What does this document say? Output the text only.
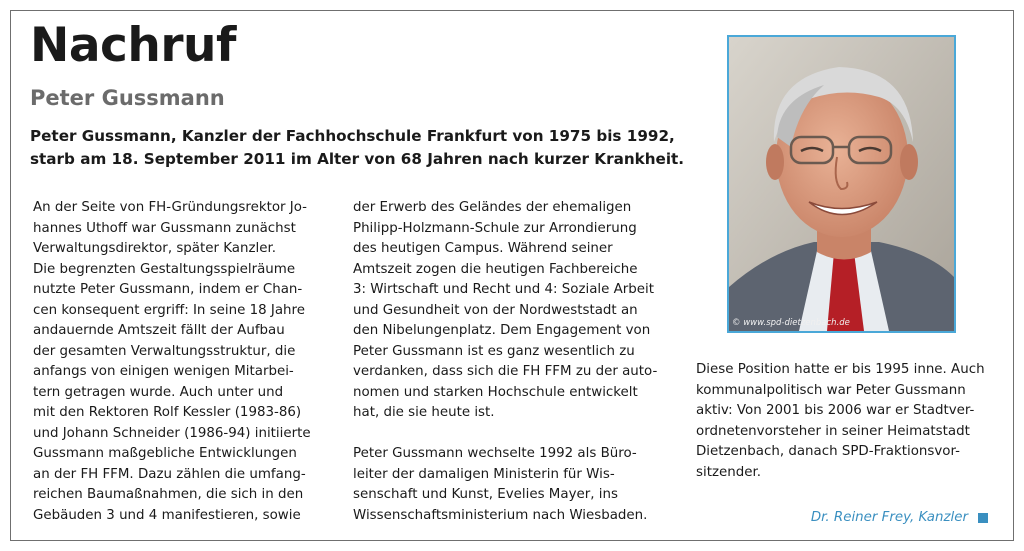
Nachruf
Peter Gussmann
Peter Gussmann, Kanzler der Fachhochschule Frankfurt von 1975 bis 1992,
starb am 18. September 2011 im Alter von 68 Jahren nach kurzer Krankheit.
An der Seite von FH-Gründungsrektor Jo-
hannes Uthoff war Gussmann zunächst
Verwaltungsdirektor, später Kanzler.
Die begrenzten Gestaltungsspielräume
nutzte Peter Gussmann, indem er Chan-
cen konsequent ergriff: In seine 18 Jahre
andauernde Amtszeit fällt der Aufbau
der gesamten Verwaltungsstruktur, die
anfangs von einigen wenigen Mitarbei-
tern getragen wurde. Auch unter und
mit den Rektoren Rolf Kessler (1983-86)
und Johann Schneider (1986-94) initiierte
Gussmann maßgebliche Entwicklungen
an der FH FFM. Dazu zählen die umfang-
reichen Baumaßnahmen, die sich in den
Gebäuden 3 und 4 manifestieren, sowie
der Erwerb des Geländes der ehemaligen
Philipp-Holzmann-Schule zur Arrondierung
des heutigen Campus. Während seiner
Amtszeit zogen die heutigen Fachbereiche
3: Wirtschaft und Recht und 4: Soziale Arbeit
und Gesundheit von der Nordweststadt an
den Nibelungenplatz. Dem Engagement von
Peter Gussmann ist es ganz wesentlich zu
verdanken, dass sich die FH FFM zu der auto-
nomen und starken Hochschule entwickelt
hat, die sie heute ist.
Peter Gussmann wechselte 1992 als Büro-
leiter der damaligen Ministerin für Wis-
senschaft und Kunst, Evelies Mayer, ins
Wissenschaftsministerium nach Wiesbaden.
© www.spd-dietzenbach.de
Diese Position hatte er bis 1995 inne. Auch
kommunalpolitisch war Peter Gussmann
aktiv: Von 2001 bis 2006 war er Stadtver-
ordnetenvorsteher in seiner Heimatstadt
Dietzenbach, danach SPD-Fraktionsvor-
sitzender.
Dr. Reiner Frey, Kanzler
